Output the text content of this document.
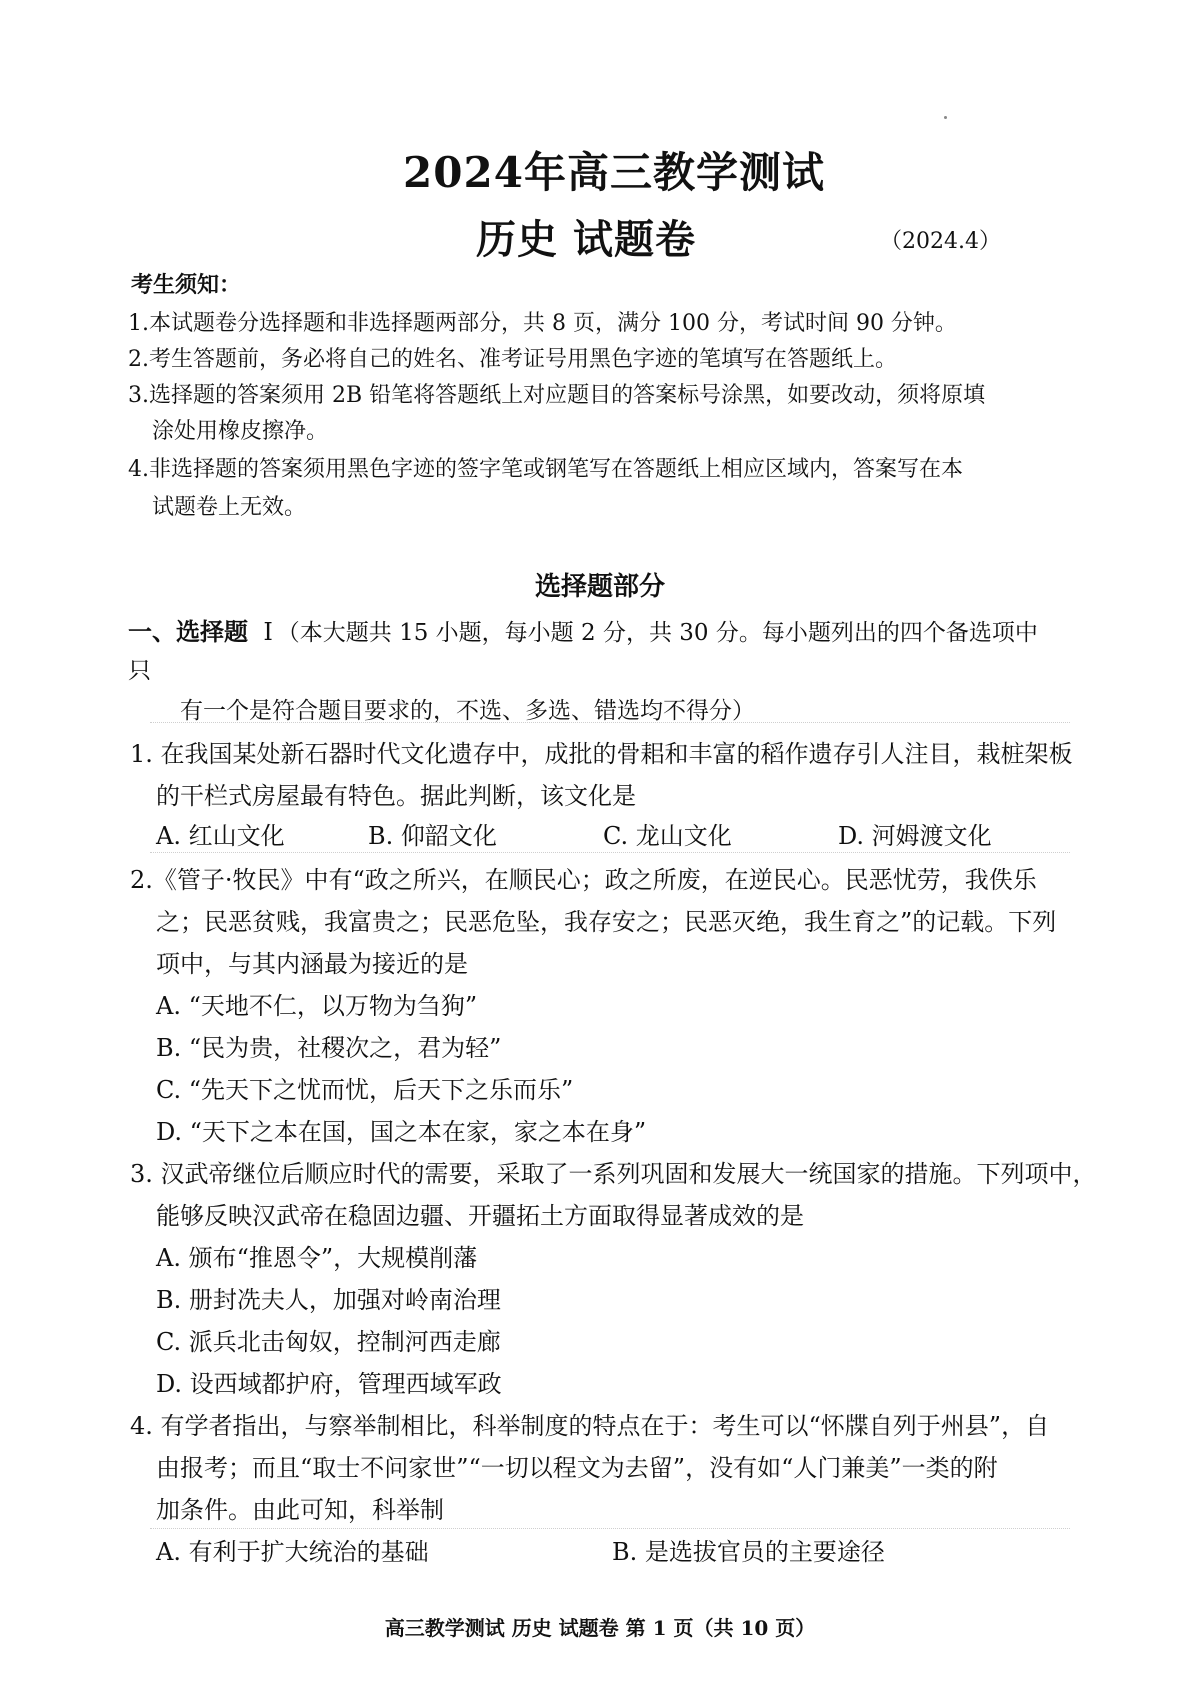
2024年高三教学测试
历史 试题卷	（2024.4）
考生须知：
1.本试题卷分选择题和非选择题两部分，共 8 页，满分 100 分，考试时间 90 分钟。
2.考生答题前，务必将自己的姓名、准考证号用黑色字迹的笔填写在答题纸上。
3.选择题的答案须用 2B 铅笔将答题纸上对应题目的答案标号涂黑，如要改动，须将原填
涂处用橡皮擦净。
4.非选择题的答案须用黑色字迹的签字笔或钢笔写在答题纸上相应区域内，答案写在本
试题卷上无效。
选择题部分
一、选择题 Ⅰ （本大题共 15 小题，每小题 2 分，共 30 分。每小题列出的四个备选项中
只
有一个是符合题目要求的，不选、多选、错选均不得分）
1. 在我国某处新石器时代文化遗存中，成批的骨耜和丰富的稻作遗存引人注目，栽桩架板
的干栏式房屋最有特色。据此判断，该文化是
A. 红山文化	B. 仰韶文化	C. 龙山文化	D. 河姆渡文化
2.《管子·牧民》中有“政之所兴，在顺民心；政之所废，在逆民心。民恶忧劳，我佚乐
之；民恶贫贱，我富贵之；民恶危坠，我存安之；民恶灭绝，我生育之”的记载。下列
项中，与其内涵最为接近的是
A. “天地不仁，以万物为刍狗”
B. “民为贵，社稷次之，君为轻”
C. “先天下之忧而忧，后天下之乐而乐”
D. “天下之本在国，国之本在家，家之本在身”
3. 汉武帝继位后顺应时代的需要，采取了一系列巩固和发展大一统国家的措施。下列项中，
能够反映汉武帝在稳固边疆、开疆拓土方面取得显著成效的是
A. 颁布“推恩令”，大规模削藩
B. 册封冼夫人，加强对岭南治理
C. 派兵北击匈奴，控制河西走廊
D. 设西域都护府，管理西域军政
4. 有学者指出，与察举制相比，科举制度的特点在于：考生可以“怀牒自列于州县”，自
由报考；而且“取士不问家世”“一切以程文为去留”，没有如“人门兼美”一类的附
加条件。由此可知，科举制
A. 有利于扩大统治的基础	B. 是选拔官员的主要途径
高三教学测试 历史 试题卷 第 1 页（共 10 页）
